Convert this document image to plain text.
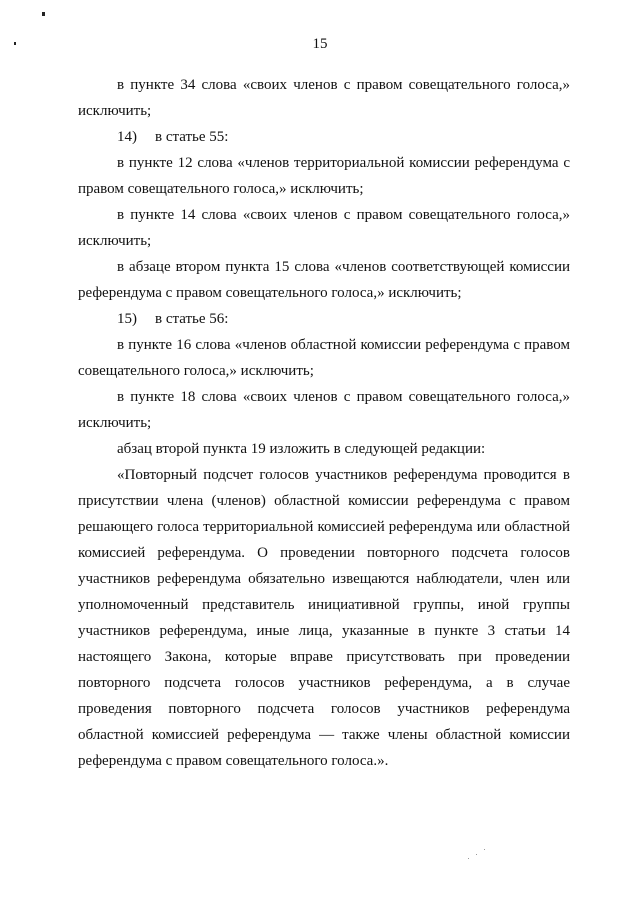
15

в пункте 34 слова «своих членов с правом совещательного голоса,» исключить;

14) в статье 55:

в пункте 12 слова «членов территориальной комиссии референдума с правом совещательного голоса,» исключить;

в пункте 14 слова «своих членов с правом совещательного голоса,» исключить;

в абзаце втором пункта 15 слова «членов соответствующей комиссии референдума с правом совещательного голоса,» исключить;

15) в статье 56:

в пункте 16 слова «членов областной комиссии референдума с правом совещательного голоса,» исключить;

в пункте 18 слова «своих членов с правом совещательного голоса,» исключить;

абзац второй пункта 19 изложить в следующей редакции:

«Повторный подсчет голосов участников референдума проводится в присутствии члена (членов) областной комиссии референдума с правом решающего голоса территориальной комиссией референдума или областной комиссией референдума. О проведении повторного подсчета голосов участников референдума обязательно извещаются наблюдатели, член или уполномоченный представитель инициативной группы, иной группы участников референдума, иные лица, указанные в пункте 3 статьи 14 настоящего Закона, которые вправе присутствовать при проведении повторного подсчета голосов участников референдума, а в случае проведения повторного подсчета голосов участников референдума областной комиссией референдума — также члены областной комиссии референдума с правом совещательного голоса.».
